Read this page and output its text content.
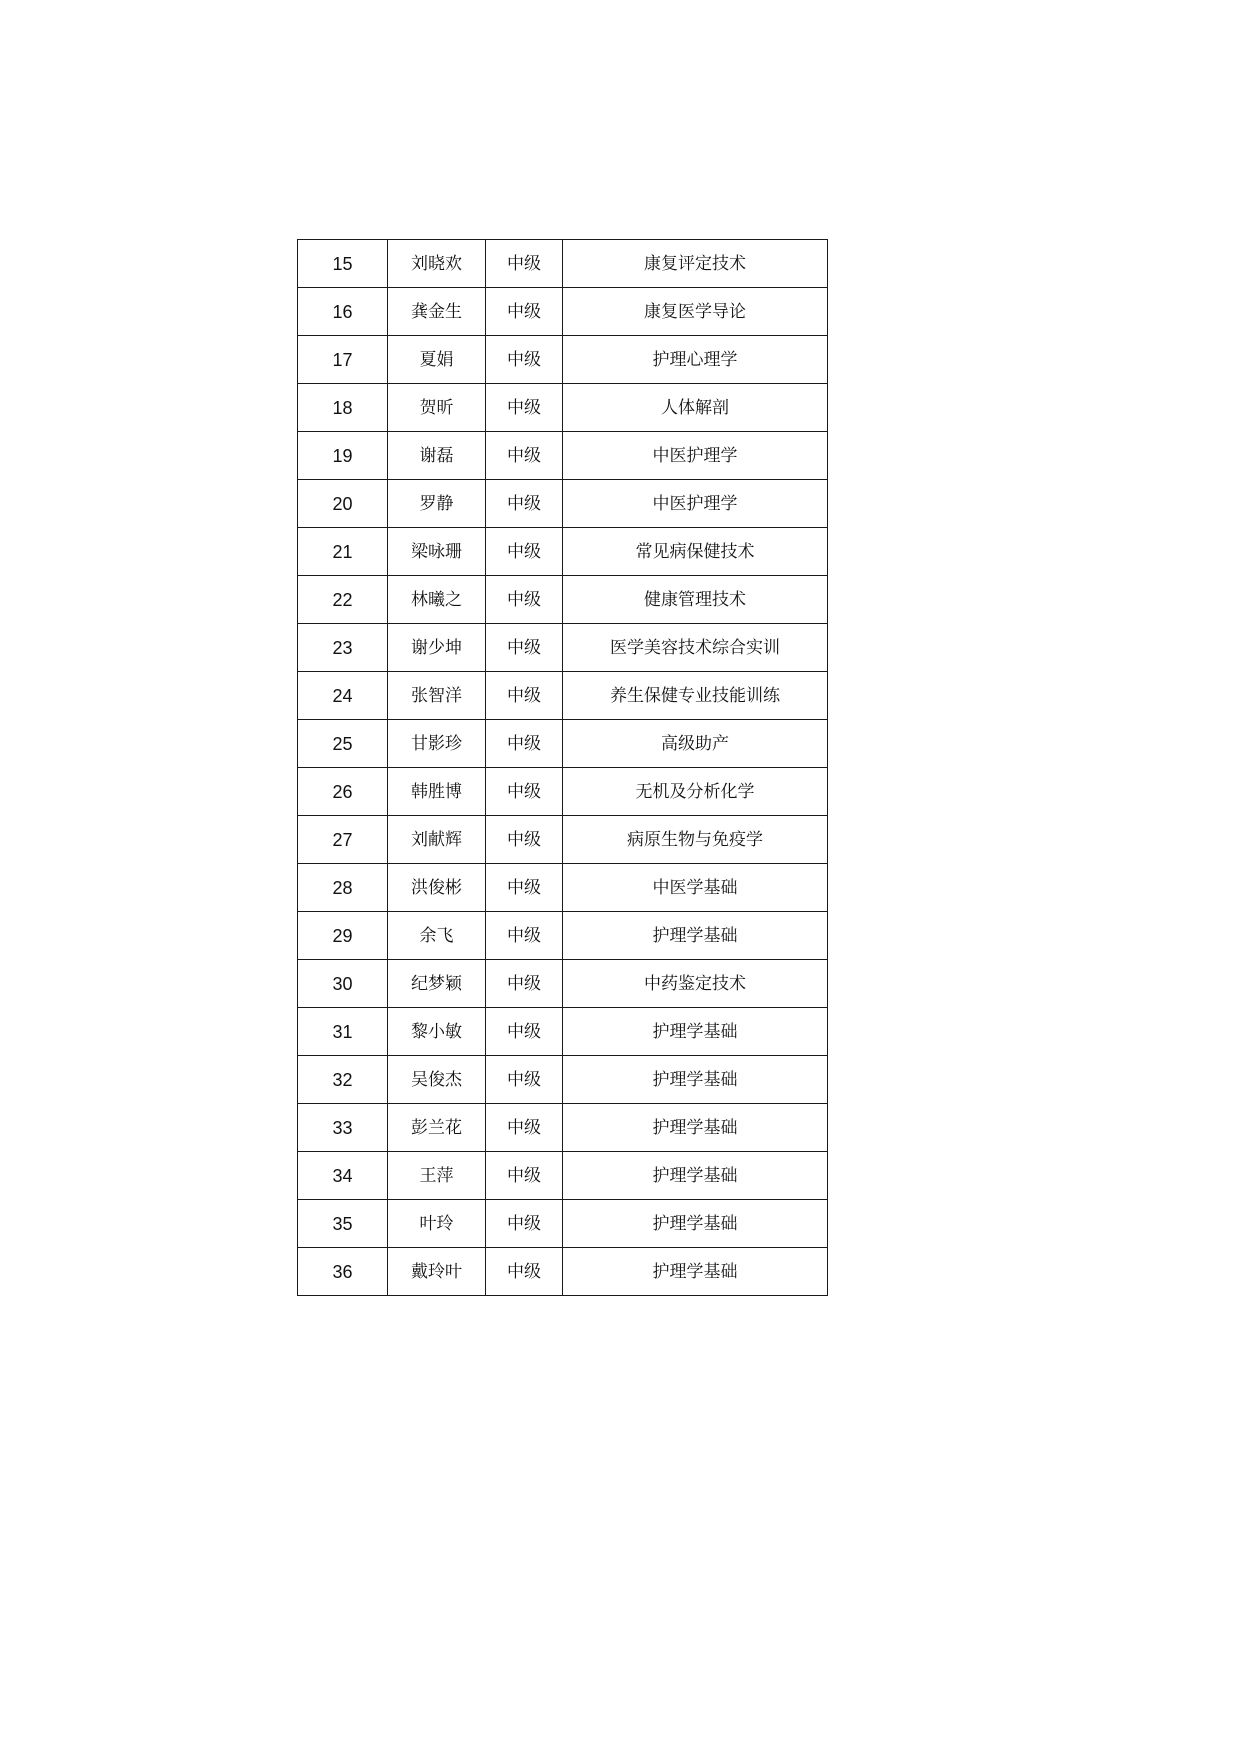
15	刘晓欢	中级	康复评定技术
16	龚金生	中级	康复医学导论
17	夏娟	中级	护理心理学
18	贺昕	中级	人体解剖
19	谢磊	中级	中医护理学
20	罗静	中级	中医护理学
21	梁咏珊	中级	常见病保健技术
22	林曦之	中级	健康管理技术
23	谢少坤	中级	医学美容技术综合实训
24	张智洋	中级	养生保健专业技能训练
25	甘影珍	中级	高级助产
26	韩胜博	中级	无机及分析化学
27	刘献辉	中级	病原生物与免疫学
28	洪俊彬	中级	中医学基础
29	余飞	中级	护理学基础
30	纪梦颖	中级	中药鉴定技术
31	黎小敏	中级	护理学基础
32	吴俊杰	中级	护理学基础
33	彭兰花	中级	护理学基础
34	王萍	中级	护理学基础
35	叶玲	中级	护理学基础
36	戴玲叶	中级	护理学基础
